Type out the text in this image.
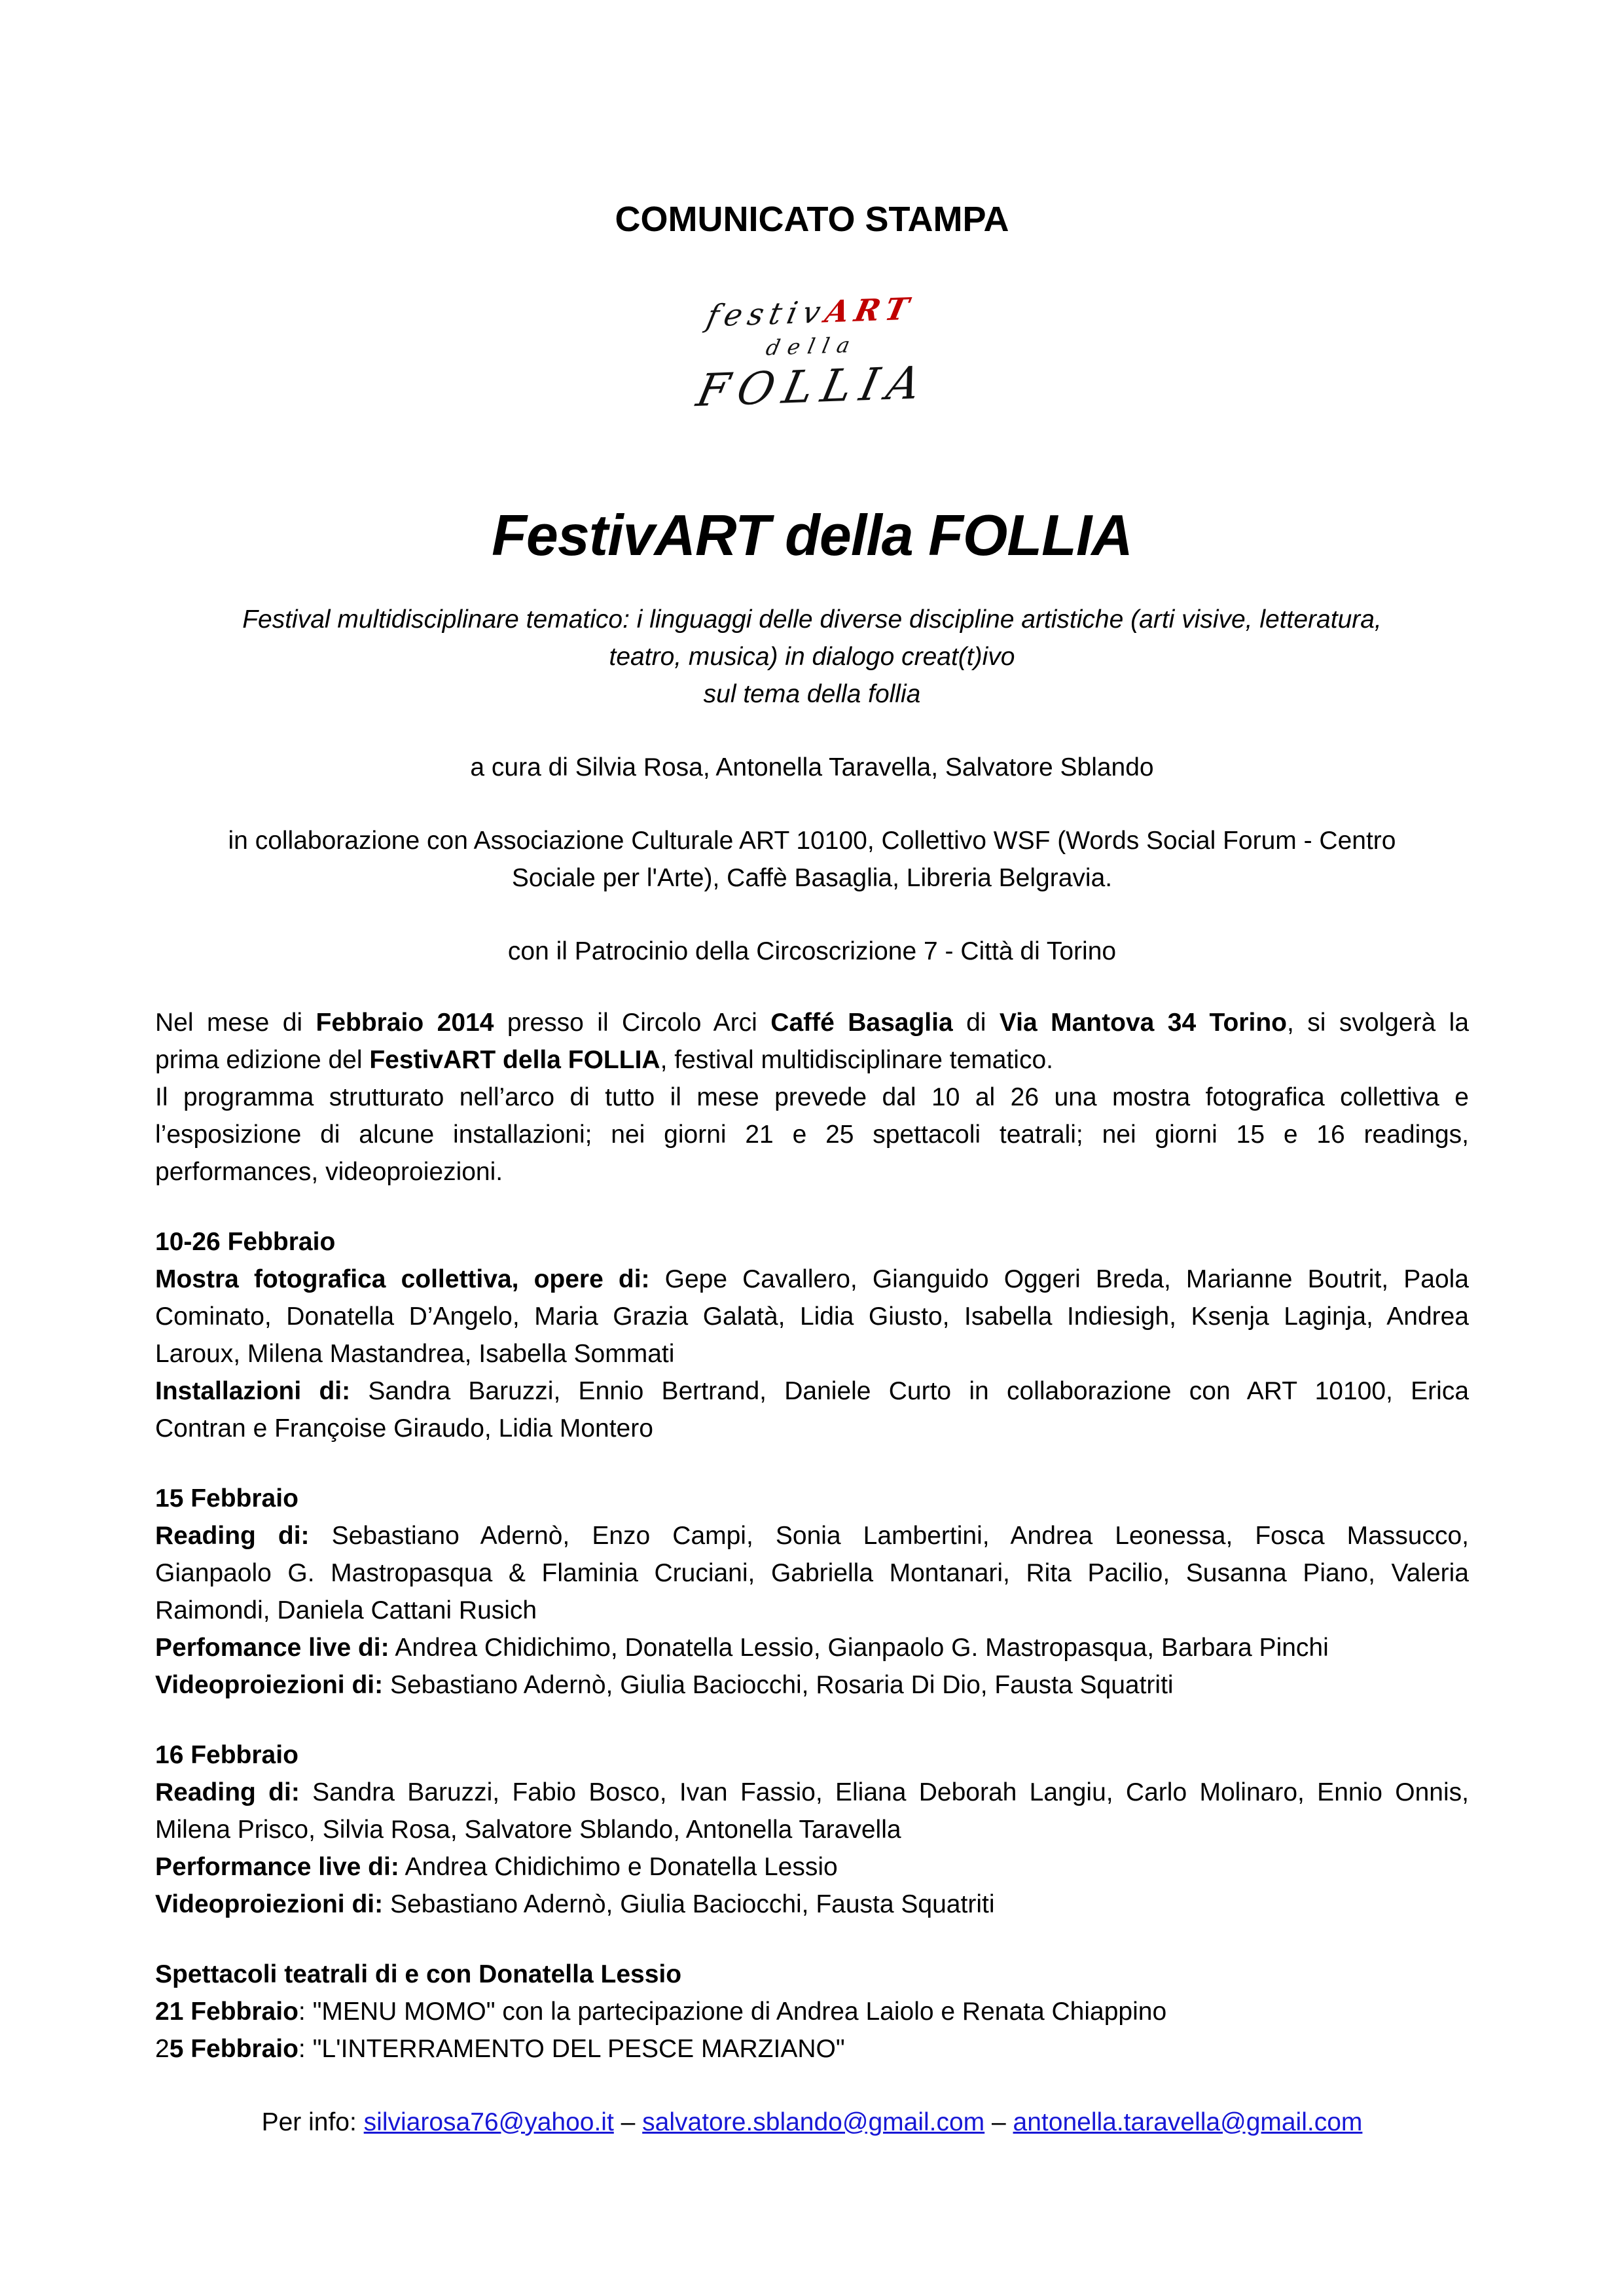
COMUNICATO STAMPA
festivART
della
FOLLIA
FestivART della FOLLIA
Festival multidisciplinare tematico: i linguaggi delle diverse discipline artistiche (arti visive, letteratura,
teatro, musica) in dialogo creat(t)ivo
sul tema della follia
a cura di Silvia Rosa, Antonella Taravella, Salvatore Sblando
in collaborazione con Associazione Culturale ART 10100, Collettivo WSF (Words Social Forum - Centro
Sociale per l'Arte), Caffè Basaglia, Libreria Belgravia.
con il Patrocinio della Circoscrizione 7 - Città di Torino
Nel mese di Febbraio 2014 presso il Circolo Arci Caffé Basaglia di Via Mantova 34 Torino, si svolgerà la
prima edizione del FestivART della FOLLIA, festival multidisciplinare tematico.
Il programma strutturato nell’arco di tutto il mese prevede dal 10 al 26 una mostra fotografica collettiva e
l’esposizione di alcune installazioni; nei giorni 21 e 25 spettacoli teatrali; nei giorni 15 e 16 readings,
performances, videoproiezioni.
10-26 Febbraio
Mostra fotografica collettiva, opere di: Gepe Cavallero, Gianguido Oggeri Breda, Marianne Boutrit, Paola
Cominato, Donatella D’Angelo, Maria Grazia Galatà, Lidia Giusto, Isabella Indiesigh, Ksenja Laginja, Andrea
Laroux, Milena Mastandrea, Isabella Sommati
Installazioni di: Sandra Baruzzi, Ennio Bertrand, Daniele Curto in collaborazione con ART 10100, Erica
Contran e Françoise Giraudo, Lidia Montero
15 Febbraio
Reading di: Sebastiano Adernò, Enzo Campi, Sonia Lambertini, Andrea Leonessa, Fosca Massucco,
Gianpaolo G. Mastropasqua & Flaminia Cruciani, Gabriella Montanari, Rita Pacilio, Susanna Piano, Valeria
Raimondi, Daniela Cattani Rusich
Perfomance live di: Andrea Chidichimo, Donatella Lessio, Gianpaolo G. Mastropasqua, Barbara Pinchi
Videoproiezioni di: Sebastiano Adernò, Giulia Baciocchi, Rosaria Di Dio, Fausta Squatriti
16 Febbraio
Reading di: Sandra Baruzzi, Fabio Bosco, Ivan Fassio, Eliana Deborah Langiu, Carlo Molinaro, Ennio Onnis,
Milena Prisco, Silvia Rosa, Salvatore Sblando, Antonella Taravella
Performance live di: Andrea Chidichimo e Donatella Lessio
Videoproiezioni di: Sebastiano Adernò, Giulia Baciocchi, Fausta Squatriti
Spettacoli teatrali di e con Donatella Lessio
21 Febbraio: "MENU MOMO" con la partecipazione di Andrea Laiolo e Renata Chiappino
25 Febbraio: "L'INTERRAMENTO DEL PESCE MARZIANO"
Per info: silviarosa76@yahoo.it – salvatore.sblando@gmail.com – antonella.taravella@gmail.com
